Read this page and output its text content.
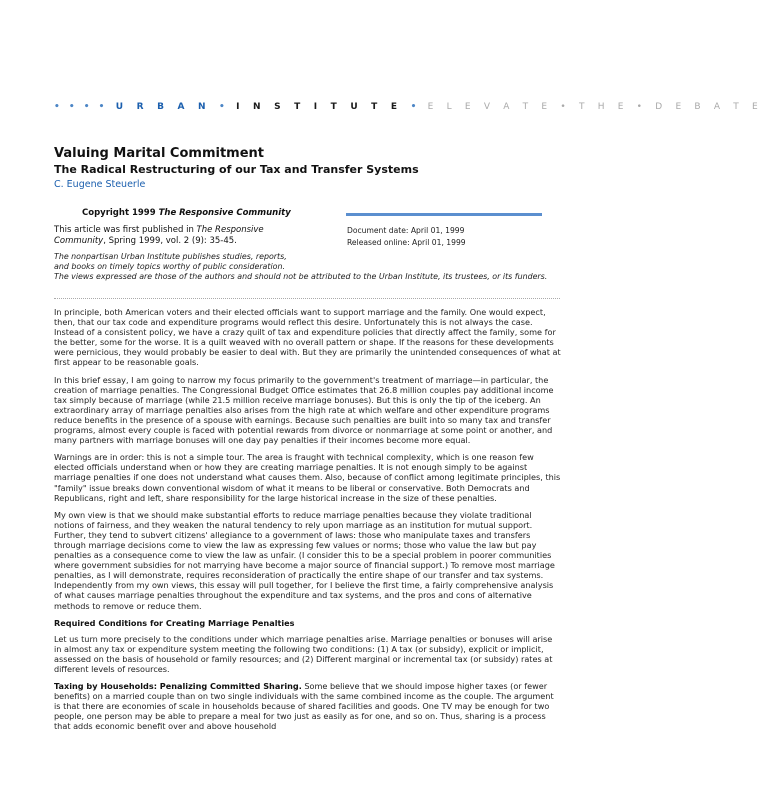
• • • • U R B A N • I N S T I T U T E • E L E V A T E • T H E • D E B A T E
Valuing Marital Commitment
The Radical Restructuring of our Tax and Transfer Systems
C. Eugene Steuerle
Copyright 1999 The Responsive Community
This article was first published in The Responsive Community, Spring 1999, vol. 2 (9): 35-45.
Document date: April 01, 1999
Released online: April 01, 1999
The nonpartisan Urban Institute publishes studies, reports,
and books on timely topics worthy of public consideration.
The views expressed are those of the authors and should not be attributed to the Urban Institute, its trustees, or its funders.

In principle, both American voters and their elected officials want to support marriage and the family. One would expect, then, that our tax code and expenditure programs would reflect this desire. Unfortunately this is not always the case. Instead of a consistent policy, we have a crazy quilt of tax and expenditure policies that directly affect the family, some for the better, some for the worse. It is a quilt weaved with no overall pattern or shape. If the reasons for these developments were pernicious, they would probably be easier to deal with. But they are primarily the unintended consequences of what at first appear to be reasonable goals.

In this brief essay, I am going to narrow my focus primarily to the government's treatment of marriage—in particular, the creation of marriage penalties. The Congressional Budget Office estimates that 26.8 million couples pay additional income tax simply because of marriage (while 21.5 million receive marriage bonuses). But this is only the tip of the iceberg. An extraordinary array of marriage penalties also arises from the high rate at which welfare and other expenditure programs reduce benefits in the presence of a spouse with earnings. Because such penalties are built into so many tax and transfer programs, almost every couple is faced with potential rewards from divorce or nonmarriage at some point or another, and many partners with marriage bonuses will one day pay penalties if their incomes become more equal.

Warnings are in order: this is not a simple tour. The area is fraught with technical complexity, which is one reason few elected officials understand when or how they are creating marriage penalties. It is not enough simply to be against marriage penalties if one does not understand what causes them. Also, because of conflict among legitimate principles, this "family" issue breaks down conventional wisdom of what it means to be liberal or conservative. Both Democrats and Republicans, right and left, share responsibility for the large historical increase in the size of these penalties.

My own view is that we should make substantial efforts to reduce marriage penalties because they violate traditional notions of fairness, and they weaken the natural tendency to rely upon marriage as an institution for mutual support. Further, they tend to subvert citizens' allegiance to a government of laws: those who manipulate taxes and transfers through marriage decisions come to view the law as expressing few values or norms; those who value the law but pay penalties as a consequence come to view the law as unfair. (I consider this to be a special problem in poorer communities where government subsidies for not marrying have become a major source of financial support.) To remove most marriage penalties, as I will demonstrate, requires reconsideration of practically the entire shape of our transfer and tax systems. Independently from my own views, this essay will pull together, for I believe the first time, a fairly comprehensive analysis of what causes marriage penalties throughout the expenditure and tax systems, and the pros and cons of alternative methods to remove or reduce them.

Required Conditions for Creating Marriage Penalties

Let us turn more precisely to the conditions under which marriage penalties arise. Marriage penalties or bonuses will arise in almost any tax or expenditure system meeting the following two conditions: (1) A tax (or subsidy), explicit or implicit, assessed on the basis of household or family resources; and (2) Different marginal or incremental tax (or subsidy) rates at different levels of resources.

Taxing by Households: Penalizing Committed Sharing. Some believe that we should impose higher taxes (or fewer benefits) on a married couple than on two single individuals with the same combined income as the couple. The argument is that there are economies of scale in households because of shared facilities and goods. One TV may be enough for two people, one person may be able to prepare a meal for two just as easily as for one, and so on. Thus, sharing is a process that adds economic benefit over and above household
